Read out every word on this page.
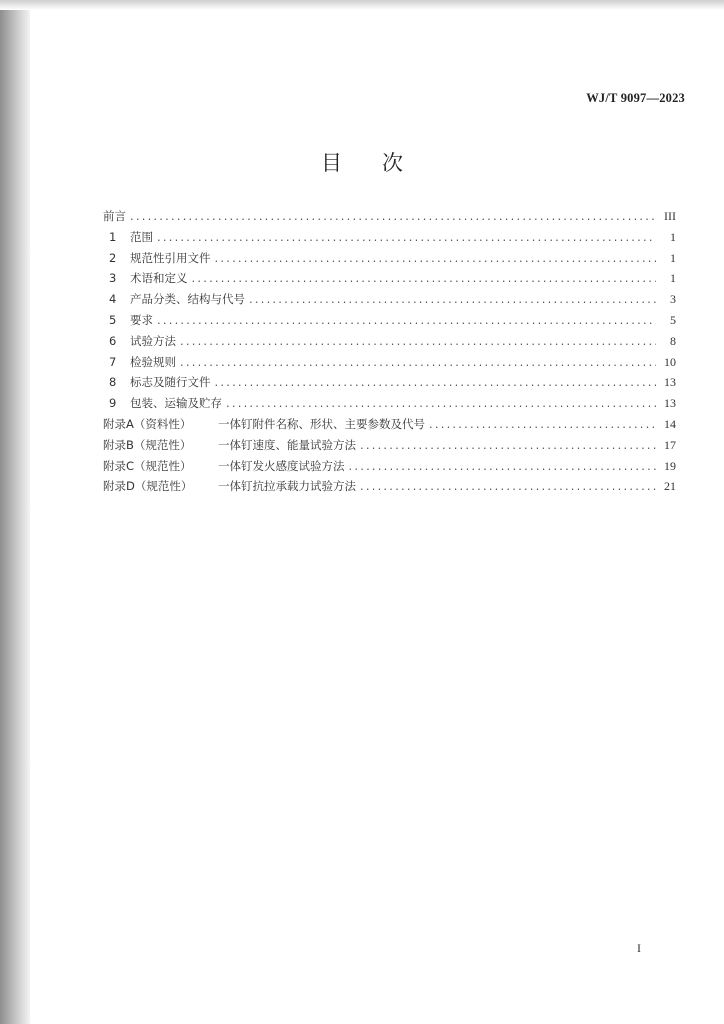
WJ/T 9097—2023
目次
前言 .....	III
1 范围 .....	1
2 规范性引用文件 .....	1
3 术语和定义 .....	1
4 产品分类、结构与代号 .....	3
5 要求 .....	5
6 试验方法 .....	8
7 检验规则 .....	10
8 标志及随行文件 .....	13
9 包装、运输及贮存 .....	13
附录A（资料性） 一体钉附件名称、形状、主要参数及代号 .....	14
附录B（规范性） 一体钉速度、能量试验方法 .....	17
附录C（规范性） 一体钉发火感度试验方法 .....	19
附录D（规范性） 一体钉抗拉承载力试验方法 .....	21
I
